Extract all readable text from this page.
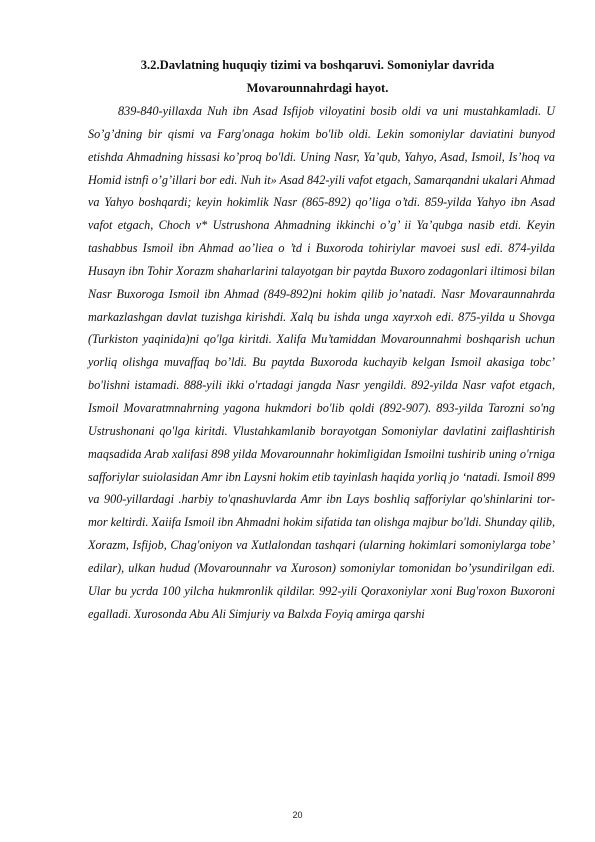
3.2.Davlatning huquqiy tizimi va boshqaruvi. Somoniylar davrida
Movarounnahrdagi hayot.

839-840-yillaxda Nuh ibn Asad Isfijob viloyatini bosib oldi va uni mustahkamladi. U So’g’dning bir qismi va Farg'onaga hokim bo'lib oldi. Lekin somoniylar daviatini bunyod etishda Ahmadning hissasi ko’proq bo'ldi. Uning Nasr, Ya’qub, Yahyo, Asad, Ismoil, Is’hoq va Homid istnfi o’g’illari bor edi. Nuh it» Asad 842-yili vafot etgach, Samarqandni ukalari Ahmad va Yahyo boshqardi; keyin hokimlik Nasr (865-892) qo’liga o’tdi. 859-yilda Yahyo ibn Asad vafot etgach, Choch v* Ustrushona Ahmadning ikkinchi o’g’ ii Ya’qubga nasib etdi. Keyin tashabbus Ismoil ibn Ahmad ao’liea o ’td i Buxoroda tohiriylar mavoei susl edi. 874-yilda Husayn ibn Tohir Xorazm shaharlarini talayotgan bir paytda Buxoro zodagonlari iltimosi bilan Nasr Buxoroga Ismoil ibn Ahmad (849-892)ni hokim qilib jo’natadi. Nasr Movaraunnahrda markazlashgan davlat tuzishga kirishdi. Xalq bu ishda unga xayrxoh edi. 875-yilda u Shovga (Turkiston yaqinida)ni qo'lga kiritdi. Xalifa Mu’tamiddan Movarounnahmi boshqarish uchun yorliq olishga muvaffaq bo’ldi. Bu paytda Buxoroda kuchayib kelgan Ismoil akasiga tobc’ bo'lishni istamadi. 888-yili ikki o'rtadagi jangda Nasr yengildi. 892-yilda Nasr vafot etgach, Ismoil Movaratmnahrning yagona hukmdori bo'lib qoldi (892-907). 893-yilda Tarozni so'ng Ustrushonani qo'lga kiritdi. Vlustahkamlanib borayotgan Somoniylar davlatini zaiflashtirish maqsadida Arab xalifasi 898 yilda Movarounnahr hokimligidan Ismoilni tushirib uning o'rniga safforiylar suiolasidan Amr ibn Laysni hokim etib tayinlash haqida yorliq jo ‘natadi. Ismoil 899 va 900-yillardagi .harbiy to'qnashuvlarda Amr ibn Lays boshliq safforiylar qo'shinlarini tor-mor keltirdi. Xaiifa Ismoil ibn Ahmadni hokim sifatida tan olishga majbur bo'ldi. Shunday qilib, Xorazm, Isfijob, Chag'oniyon va Xutlalondan tashqari (ularning hokimlari somoniylarga tobe’ edilar), ulkan hudud (Movarounnahr va Xuroson) somoniylar tomonidan bo’ysundirilgan edi. Ular bu ycrda 100 yilcha hukmronlik qildilar. 992-yili Qoraxoniylar xoni Bug'roxon Buxoroni egalladi. Xurosonda Abu Ali Simjuriy va Balxda Foyiq amirga qarshi

20
